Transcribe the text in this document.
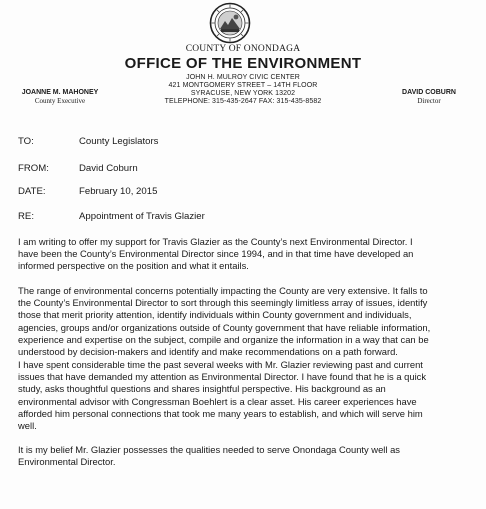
COUNTY OF ONONDAGA
OFFICE OF THE ENVIRONMENT
JOHN H. MULROY CIVIC CENTER
421 MONTGOMERY STREET – 14TH FLOOR
SYRACUSE, NEW YORK 13202
TELEPHONE: 315-435-2647 FAX: 315-435-8582
JOANNE M. MAHONEY
County Executive
DAVID COBURN
Director
TO:	County Legislators
FROM:	David Coburn
DATE:	February 10, 2015
RE:	Appointment of Travis Glazier
I am writing to offer my support for Travis Glazier as the County’s next Environmental Director. I
have been the County’s Environmental Director since 1994, and in that time have developed an
informed perspective on the position and what it entails.
The range of environmental concerns potentially impacting the County are very extensive. It falls to
the County’s Environmental Director to sort through this seemingly limitless array of issues, identify
those that merit priority attention, identify individuals within County government and individuals,
agencies, groups and/or organizations outside of County government that have reliable information,
experience and expertise on the subject, compile and organize the information in a way that can be
understood by decision-makers and identify and make recommendations on a path forward.
I have spent considerable time the past several weeks with Mr. Glazier reviewing past and current
issues that have demanded my attention as Environmental Director. I have found that he is a quick
study, asks thoughtful questions and shares insightful perspective. His background as an
environmental advisor with Congressman Boehlert is a clear asset. His career experiences have
afforded him personal connections that took me many years to establish, and which will serve him
well.
It is my belief Mr. Glazier possesses the qualities needed to serve Onondaga County well as
Environmental Director.
